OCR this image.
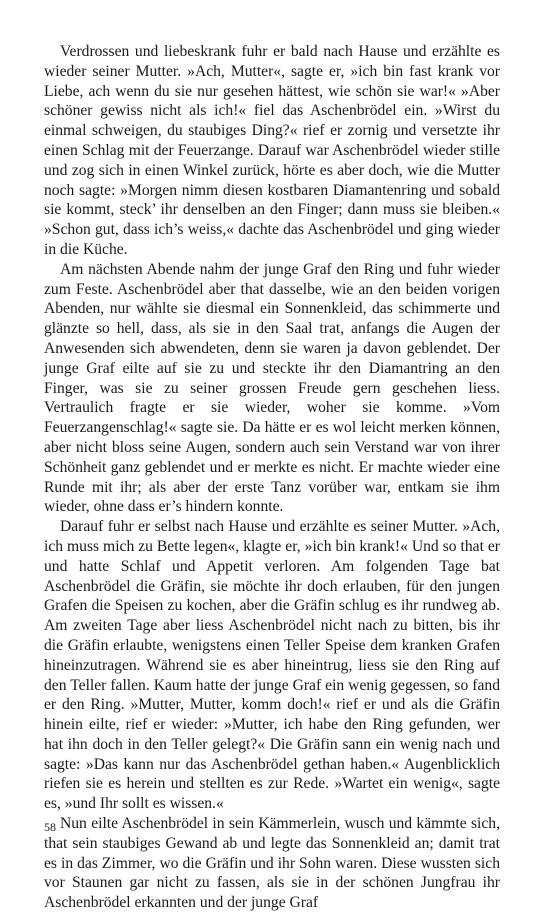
Verdrossen und liebeskrank fuhr er bald nach Hause und erzählte es wieder seiner Mutter. »Ach, Mutter«, sagte er, »ich bin fast krank vor Liebe, ach wenn du sie nur gesehen hättest, wie schön sie war!« »Aber schöner gewiss nicht als ich!« fiel das Aschenbrödel ein. »Wirst du einmal schweigen, du staubiges Ding?« rief er zornig und versetzte ihr einen Schlag mit der Feuerzange. Darauf war Aschenbrödel wieder stille und zog sich in einen Winkel zurück, hörte es aber doch, wie die Mutter noch sagte: »Morgen nimm diesen kostbaren Diamantenring und sobald sie kommt, steck’ ihr denselben an den Finger; dann muss sie bleiben.« »Schon gut, dass ich’s weiss,« dachte das Aschenbrödel und ging wieder in die Küche.

Am nächsten Abende nahm der junge Graf den Ring und fuhr wieder zum Feste. Aschenbrödel aber that dasselbe, wie an den beiden vorigen Abenden, nur wählte sie diesmal ein Sonnenkleid, das schimmerte und glänzte so hell, dass, als sie in den Saal trat, anfangs die Augen der Anwesenden sich abwendeten, denn sie waren ja davon geblendet. Der junge Graf eilte auf sie zu und steckte ihr den Diamantring an den Finger, was sie zu seiner grossen Freude gern geschehen liess. Vertraulich fragte er sie wieder, woher sie komme. »Vom Feuerzangenschlag!« sagte sie. Da hätte er es wol leicht merken können, aber nicht bloss seine Augen, sondern auch sein Verstand war von ihrer Schönheit ganz geblendet und er merkte es nicht. Er machte wieder eine Runde mit ihr; als aber der erste Tanz vorüber war, entkam sie ihm wieder, ohne dass er’s hindern konnte.

Darauf fuhr er selbst nach Hause und erzählte es seiner Mutter. »Ach, ich muss mich zu Bette legen«, klagte er, »ich bin krank!« Und so that er und hatte Schlaf und Appetit verloren. Am folgenden Tage bat Aschenbrödel die Gräfin, sie möchte ihr doch erlauben, für den jungen Grafen die Speisen zu kochen, aber die Gräfin schlug es ihr rundweg ab. Am zweiten Tage aber liess Aschenbrödel nicht nach zu bitten, bis ihr die Gräfin erlaubte, wenigstens einen Teller Speise dem kranken Grafen hineinzutragen. Während sie es aber hineintrug, liess sie den Ring auf den Teller fallen. Kaum hatte der junge Graf ein wenig gegessen, so fand er den Ring. »Mutter, Mutter, komm doch!« rief er und als die Gräfin hinein eilte, rief er wieder: »Mutter, ich habe den Ring gefunden, wer hat ihn doch in den Teller gelegt?« Die Gräfin sann ein wenig nach und sagte: »Das kann nur das Aschenbrödel gethan haben.« Augenblicklich riefen sie es herein und stellten es zur Rede. »Wartet ein wenig«, sagte es, »und Ihr sollt es wissen.«

Nun eilte Aschenbrödel in sein Kämmerlein, wusch und kämmte sich, that sein staubiges Gewand ab und legte das Sonnenkleid an; damit trat es in das Zimmer, wo die Gräfin und ihr Sohn waren. Diese wussten sich vor Staunen gar nicht zu fassen, als sie in der schönen Jungfrau ihr Aschenbrödel erkannten und der junge Graf

58
